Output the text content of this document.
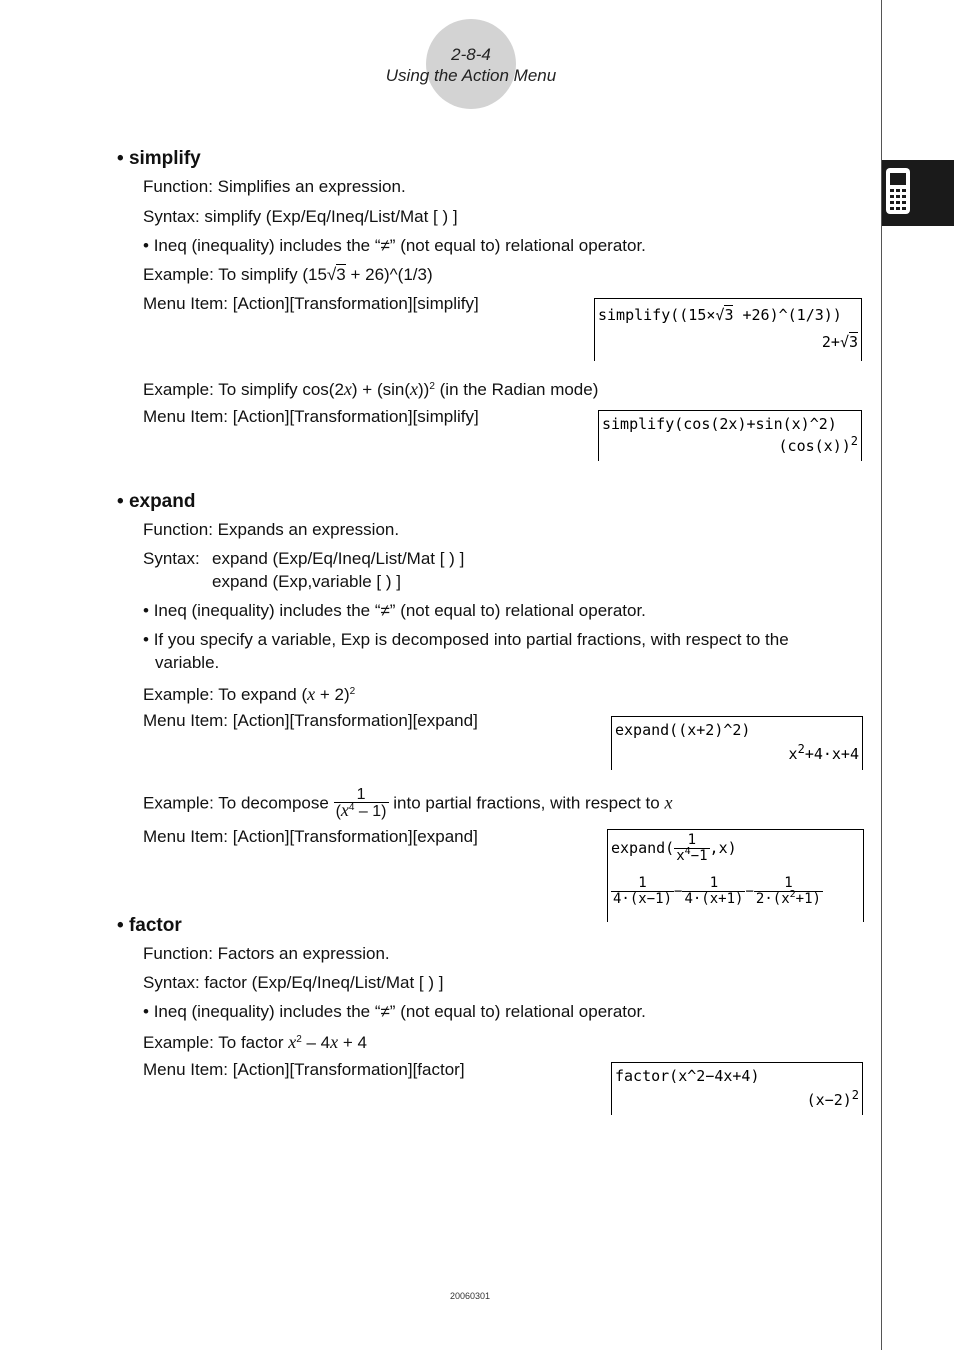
2-8-4
Using the Action Menu
• simplify
Function: Simplifies an expression.
Syntax: simplify (Exp/Eq/Ineq/List/Mat [ ) ]
• Ineq (inequality) includes the “≠” (not equal to) relational operator.
Example: To simplify (15√3 + 26)^(1/3)
Menu Item: [Action][Transformation][simplify]
simplify((15×√3 +26)^(1/3))
2+√3
Example: To simplify $\cos(2x) + (\sin(x))^2$ (in the Radian mode)
Menu Item: [Action][Transformation][simplify]	simplify(cos(2x)+sin(x)^2)
$(\cos(x))^2$
• expand
Function: Expands an expression.
Syntax: expand (Exp/Eq/Ineq/List/Mat [ ) ]
expand (Exp,variable [ ) ]
• Ineq (inequality) includes the “≠” (not equal to) relational operator.
• If you specify a variable, Exp is decomposed into partial fractions, with respect to the
variable.
Example: To expand $(x + 2)^2$
Menu Item: [Action][Transformation][expand]	expand((x+2)^2)
$x^2+4\cdot x+4$
Example: To decompose $\frac{1}{(x^4 - 1)}$ into partial fractions, with respect to x
Menu Item: [Action][Transformation][expand]
expand( $\frac{1}{x^4-1} ,x$)
$\frac{1}{4\cdot(x-1)} - \frac{1}{4\cdot(x+1)} - \frac{1}{2\cdot(x^2+1)}$
• factor
Function: Factors an expression.
Syntax: factor (Exp/Eq/Ineq/List/Mat [ ) ]
• Ineq (inequality) includes the “≠” (not equal to) relational operator.
Example: To factor $x^2 - 4x + 4$
Menu Item: [Action][Transformation][factor]	factor(x^2−4x+4)
$(x-2)^2$
20060301
